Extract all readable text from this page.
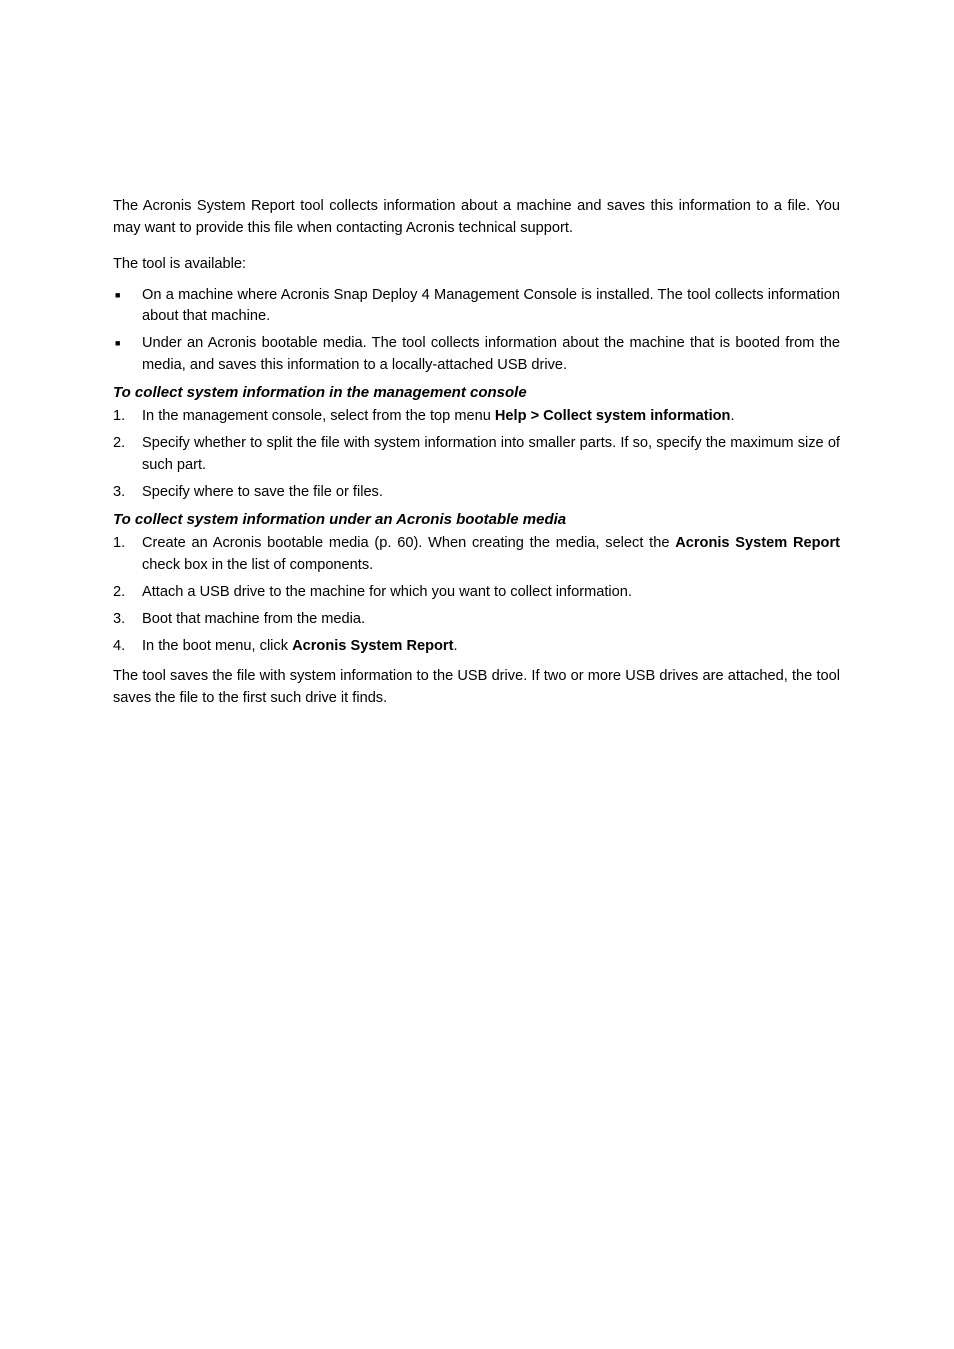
The Acronis System Report tool collects information about a machine and saves this information to a file. You may want to provide this file when contacting Acronis technical support.

The tool is available:

■ On a machine where Acronis Snap Deploy 4 Management Console is installed. The tool collects information about that machine.
■ Under an Acronis bootable media. The tool collects information about the machine that is booted from the media, and saves this information to a locally-attached USB drive.

To collect system information in the management console

1. In the management console, select from the top menu Help > Collect system information.
2. Specify whether to split the file with system information into smaller parts. If so, specify the maximum size of such part.
3. Specify where to save the file or files.

To collect system information under an Acronis bootable media

1. Create an Acronis bootable media (p. 60). When creating the media, select the Acronis System Report check box in the list of components.
2. Attach a USB drive to the machine for which you want to collect information.
3. Boot that machine from the media.
4. In the boot menu, click Acronis System Report.

The tool saves the file with system information to the USB drive. If two or more USB drives are attached, the tool saves the file to the first such drive it finds.
